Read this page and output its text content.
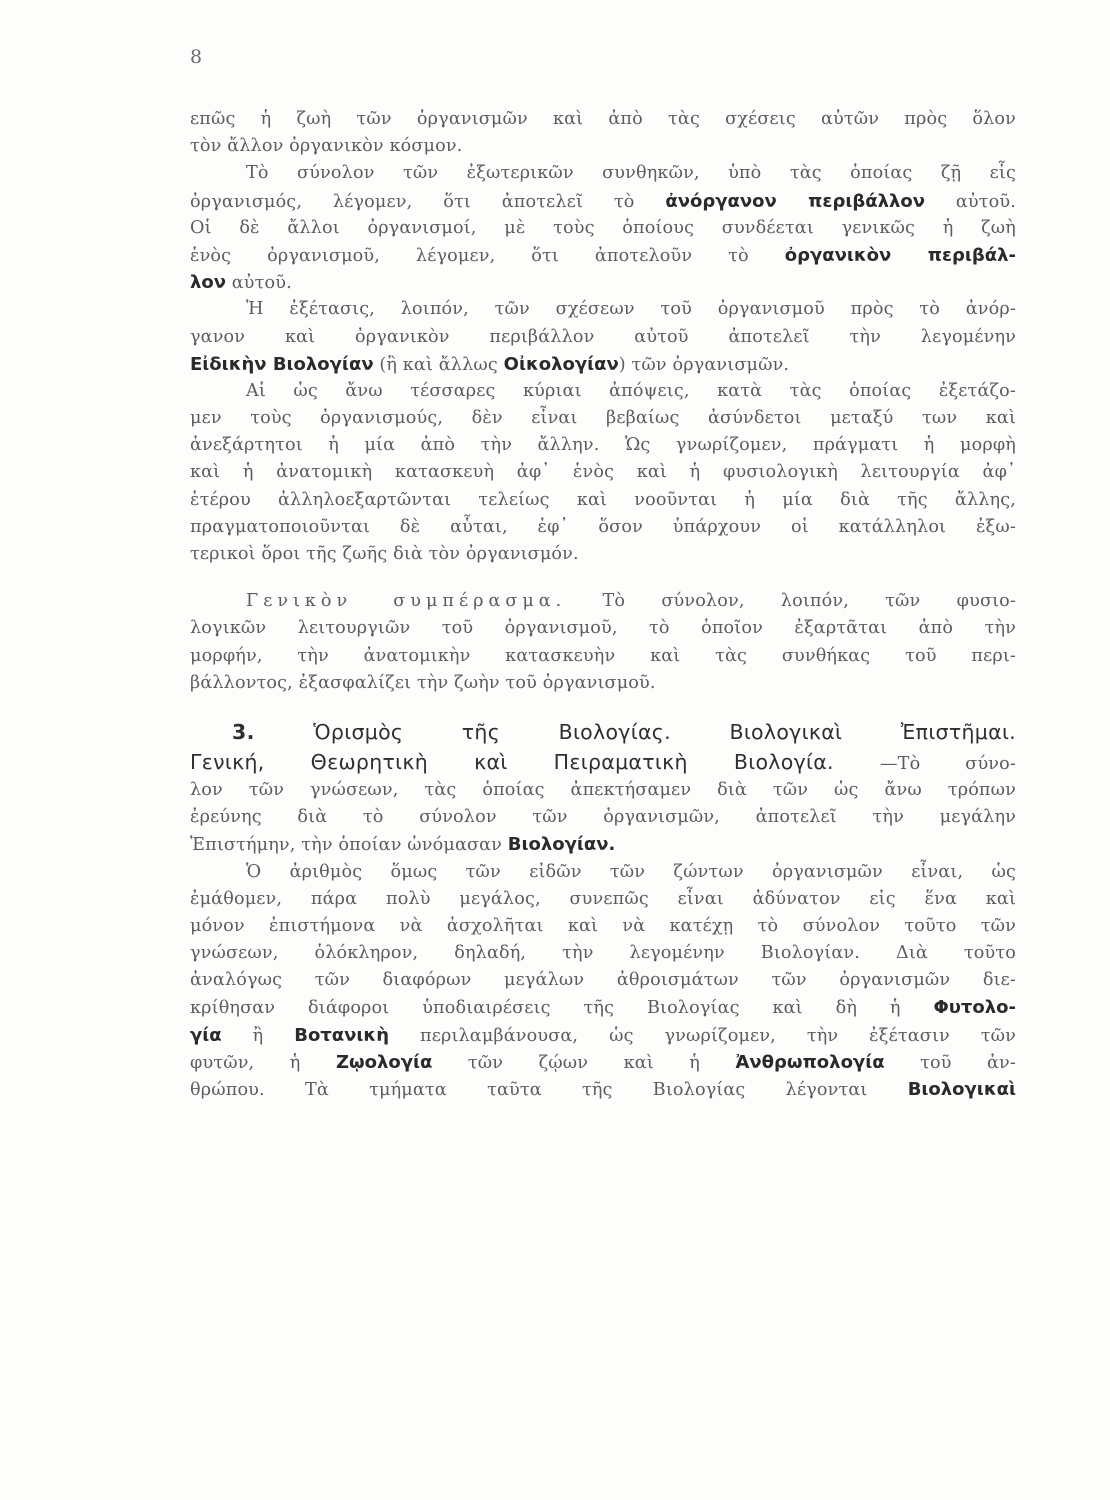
8
επῶς ἡ ζωὴ τῶν ὀργανισμῶν καὶ ἀπὸ τὰς σχέσεις αὐτῶν πρὸς ὅλον
τὸν ἄλλον ὀργανικὸν κόσμον.
Τὸ σύνολον τῶν ἐξωτερικῶν συνθηκῶν, ὑπὸ τὰς ὁποίας ζῇ εἷς
ὀργανισμός, λέγομεν, ὅτι ἀποτελεῖ τὸ ἀνόργανον περιβάλλον αὐτοῦ.
Οἱ δὲ ἄλλοι ὀργανισμοί, μὲ τοὺς ὁποίους συνδέεται γενικῶς ἡ ζωὴ
ἑνὸς ὀργανισμοῦ, λέγομεν, ὅτι ἀποτελοῦν τὸ ὀργανικὸν περιβάλ-
λον αὐτοῦ.
Ἡ ἐξέτασις, λοιπόν, τῶν σχέσεων τοῦ ὀργανισμοῦ πρὸς τὸ ἀνόρ-
γανον καὶ ὀργανικὸν περιβάλλον αὐτοῦ ἀποτελεῖ τὴν λεγομένην
Εἰδικὴν Βιολογίαν (ἢ καὶ ἄλλως Οἰκολογίαν) τῶν ὀργανισμῶν.
Αἱ ὡς ἄνω τέσσαρες κύριαι ἀπόψεις, κατὰ τὰς ὁποίας ἐξετάζο-
μεν τοὺς ὀργανισμούς, δὲν εἶναι βεβαίως ἀσύνδετοι μεταξύ των καὶ
ἀνεξάρτητοι ἡ μία ἀπὸ τὴν ἄλλην. Ὡς γνωρίζομεν, πράγματι ἡ μορφὴ
καὶ ἡ ἀνατομικὴ κατασκευὴ ἀφ᾽ ἑνὸς καὶ ἡ φυσιολογικὴ λειτουργία ἀφ᾽
ἑτέρου ἀλληλοεξαρτῶνται τελείως καὶ νοοῦνται ἡ μία διὰ τῆς ἄλλης,
πραγματοποιοῦνται δὲ αὗται, ἐφ᾽ ὅσον ὑπάρχουν οἱ κατάλληλοι ἐξω-
τερικοὶ ὅροι τῆς ζωῆς διὰ τὸν ὀργανισμόν.
Γενικὸν συμπέρασμα. Τὸ σύνολον, λοιπόν, τῶν φυσιο-
λογικῶν λειτουργιῶν τοῦ ὀργανισμοῦ, τὸ ὁποῖον ἐξαρτᾶται ἀπὸ τὴν
μορφήν, τὴν ἀνατομικὴν κατασκευὴν καὶ τὰς συνθήκας τοῦ περι-
βάλλοντος, ἐξασφαλίζει τὴν ζωὴν τοῦ ὀργανισμοῦ.
3.	Ὁρισμὸς τῆς Βιολογίας. Βιολογικαὶ Ἐπιστῆμαι.
Γενική, Θεωρητικὴ καὶ Πειραματικὴ Βιολογία.	—Τὸ σύνο-
λον τῶν γνώσεων, τὰς ὁποίας ἀπεκτήσαμεν διὰ τῶν ὡς ἄνω τρόπων
ἐρεύνης διὰ τὸ σύνολον τῶν ὀργανισμῶν, ἀποτελεῖ τὴν μεγάλην
Ἐπιστήμην, τὴν ὁποίαν ὠνόμασαν Βιολογίαν.
Ὁ ἀριθμὸς ὅμως τῶν εἰδῶν τῶν ζώντων ὀργανισμῶν εἶναι, ὡς
ἐμάθομεν, πάρα πολὺ μεγάλος, συνεπῶς εἶναι ἀδύνατον εἰς ἕνα καὶ
μόνον ἐπιστήμονα νὰ ἀσχολῆται καὶ νὰ κατέχῃ τὸ σύνολον τοῦτο τῶν
γνώσεων, ὁλόκληρον, δηλαδή, τὴν λεγομένην Βιολογίαν. Διὰ τοῦτο
ἀναλόγως τῶν διαφόρων μεγάλων ἀθροισμάτων τῶν ὀργανισμῶν διε-
κρίθησαν διάφοροι ὑποδιαιρέσεις τῆς Βιολογίας καὶ δὴ ἡ Φυτολο-
γία ἢ Βοτανικὴ περιλαμβάνουσα, ὡς γνωρίζομεν, τὴν ἐξέτασιν τῶν
φυτῶν, ἡ Ζῳολογία τῶν ζῴων καὶ ἡ Ἀνθρωπολογία τοῦ ἀν-
θρώπου. Τὰ τμήματα ταῦτα τῆς Βιολογίας λέγονται Βιολογικαὶ
